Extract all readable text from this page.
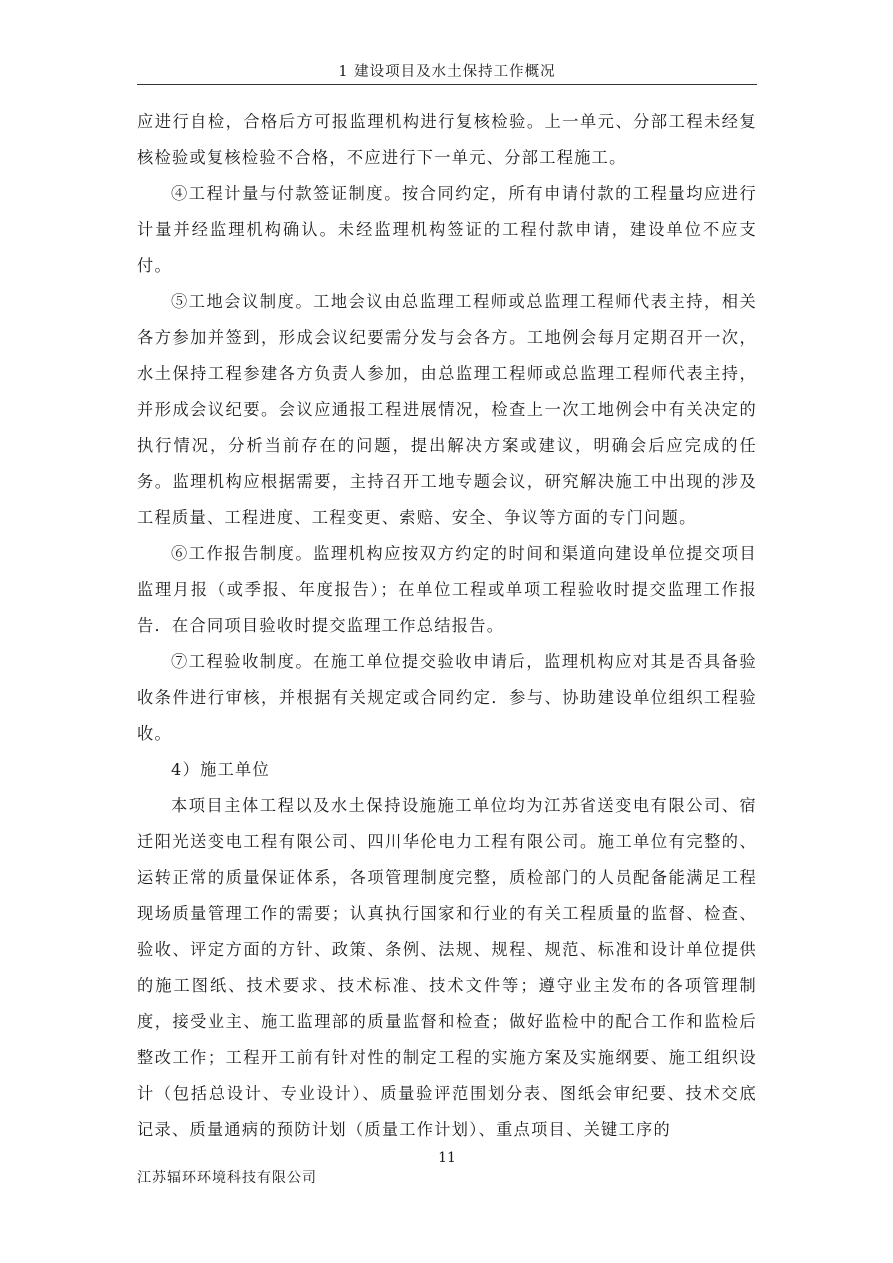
1 建设项目及水土保持工作概况

应进行自检，合格后方可报监理机构进行复核检验。上一单元、分部工程未经复核检验或复核检验不合格，不应进行下一单元、分部工程施工。

④工程计量与付款签证制度。按合同约定，所有申请付款的工程量均应进行计量并经监理机构确认。未经监理机构签证的工程付款申请，建设单位不应支付。

⑤工地会议制度。工地会议由总监理工程师或总监理工程师代表主持，相关各方参加并签到，形成会议纪要需分发与会各方。工地例会每月定期召开一次，水土保持工程参建各方负责人参加，由总监理工程师或总监理工程师代表主持，并形成会议纪要。会议应通报工程进展情况，检查上一次工地例会中有关决定的执行情况，分析当前存在的问题，提出解决方案或建议，明确会后应完成的任务。监理机构应根据需要，主持召开工地专题会议，研究解决施工中出现的涉及工程质量、工程进度、工程变更、索赔、安全、争议等方面的专门问题。

⑥工作报告制度。监理机构应按双方约定的时间和渠道向建设单位提交项目监理月报（或季报、年度报告）；在单位工程或单项工程验收时提交监理工作报告．在合同项目验收时提交监理工作总结报告。

⑦工程验收制度。在施工单位提交验收申请后，监理机构应对其是否具备验收条件进行审核，并根据有关规定或合同约定．参与、协助建设单位组织工程验收。

4）施工单位

本项目主体工程以及水土保持设施施工单位均为江苏省送变电有限公司、宿迁阳光送变电工程有限公司、四川华伦电力工程有限公司。施工单位有完整的、运转正常的质量保证体系，各项管理制度完整，质检部门的人员配备能满足工程现场质量管理工作的需要；认真执行国家和行业的有关工程质量的监督、检查、验收、评定方面的方针、政策、条例、法规、规程、规范、标准和设计单位提供的施工图纸、技术要求、技术标准、技术文件等；遵守业主发布的各项管理制度，接受业主、施工监理部的质量监督和检查；做好监检中的配合工作和监检后整改工作；工程开工前有针对性的制定工程的实施方案及实施纲要、施工组织设计（包括总设计、专业设计）、质量验评范围划分表、图纸会审纪要、技术交底记录、质量通病的预防计划（质量工作计划）、重点项目、关键工序的

11
江苏辐环环境科技有限公司
